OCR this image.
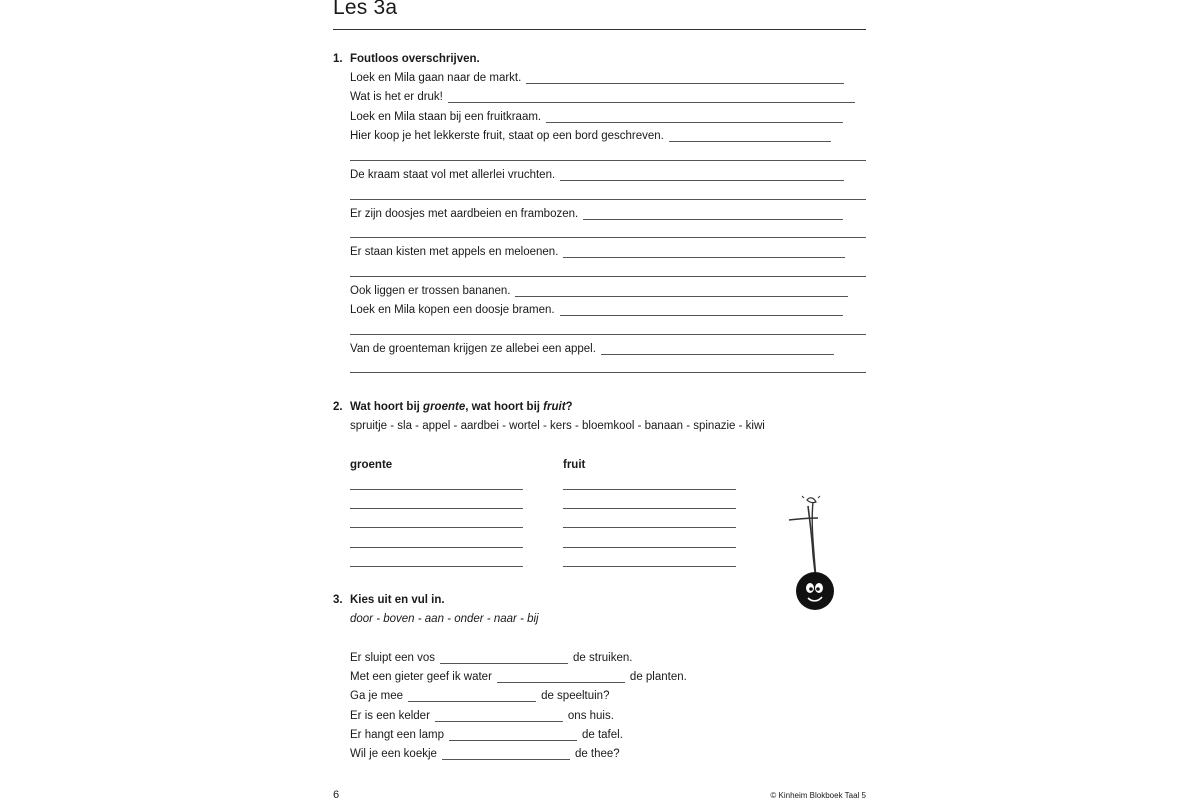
Les 3a
1. Foutloos overschrijven.
Loek en Mila gaan naar de markt.
Wat is het er druk!
Loek en Mila staan bij een fruitkraam.
Hier koop je het lekkerste fruit, staat op een bord geschreven.
De kraam staat vol met allerlei vruchten.
Er zijn doosjes met aardbeien en frambozen.
Er staan kisten met appels en meloenen.
Ook liggen er trossen bananen.
Loek en Mila kopen een doosje bramen.
Van de groenteman krijgen ze allebei een appel.
2. Wat hoort bij groente, wat hoort bij fruit?
spruitje - sla - appel - aardbei - wortel - kers - bloemkool - banaan - spinazie - kiwi
groente	fruit
3. Kies uit en vul in.
door - boven - aan - onder - naar - bij
Er sluipt een vos	de struiken.
Met een gieter geef ik water	de planten.
Ga je mee	de speeltuin?
Er is een kelder	ons huis.
Er hangt een lamp	de tafel.
Wil je een koekje	de thee?
6	© Kinheim Blokboek Taal 5
